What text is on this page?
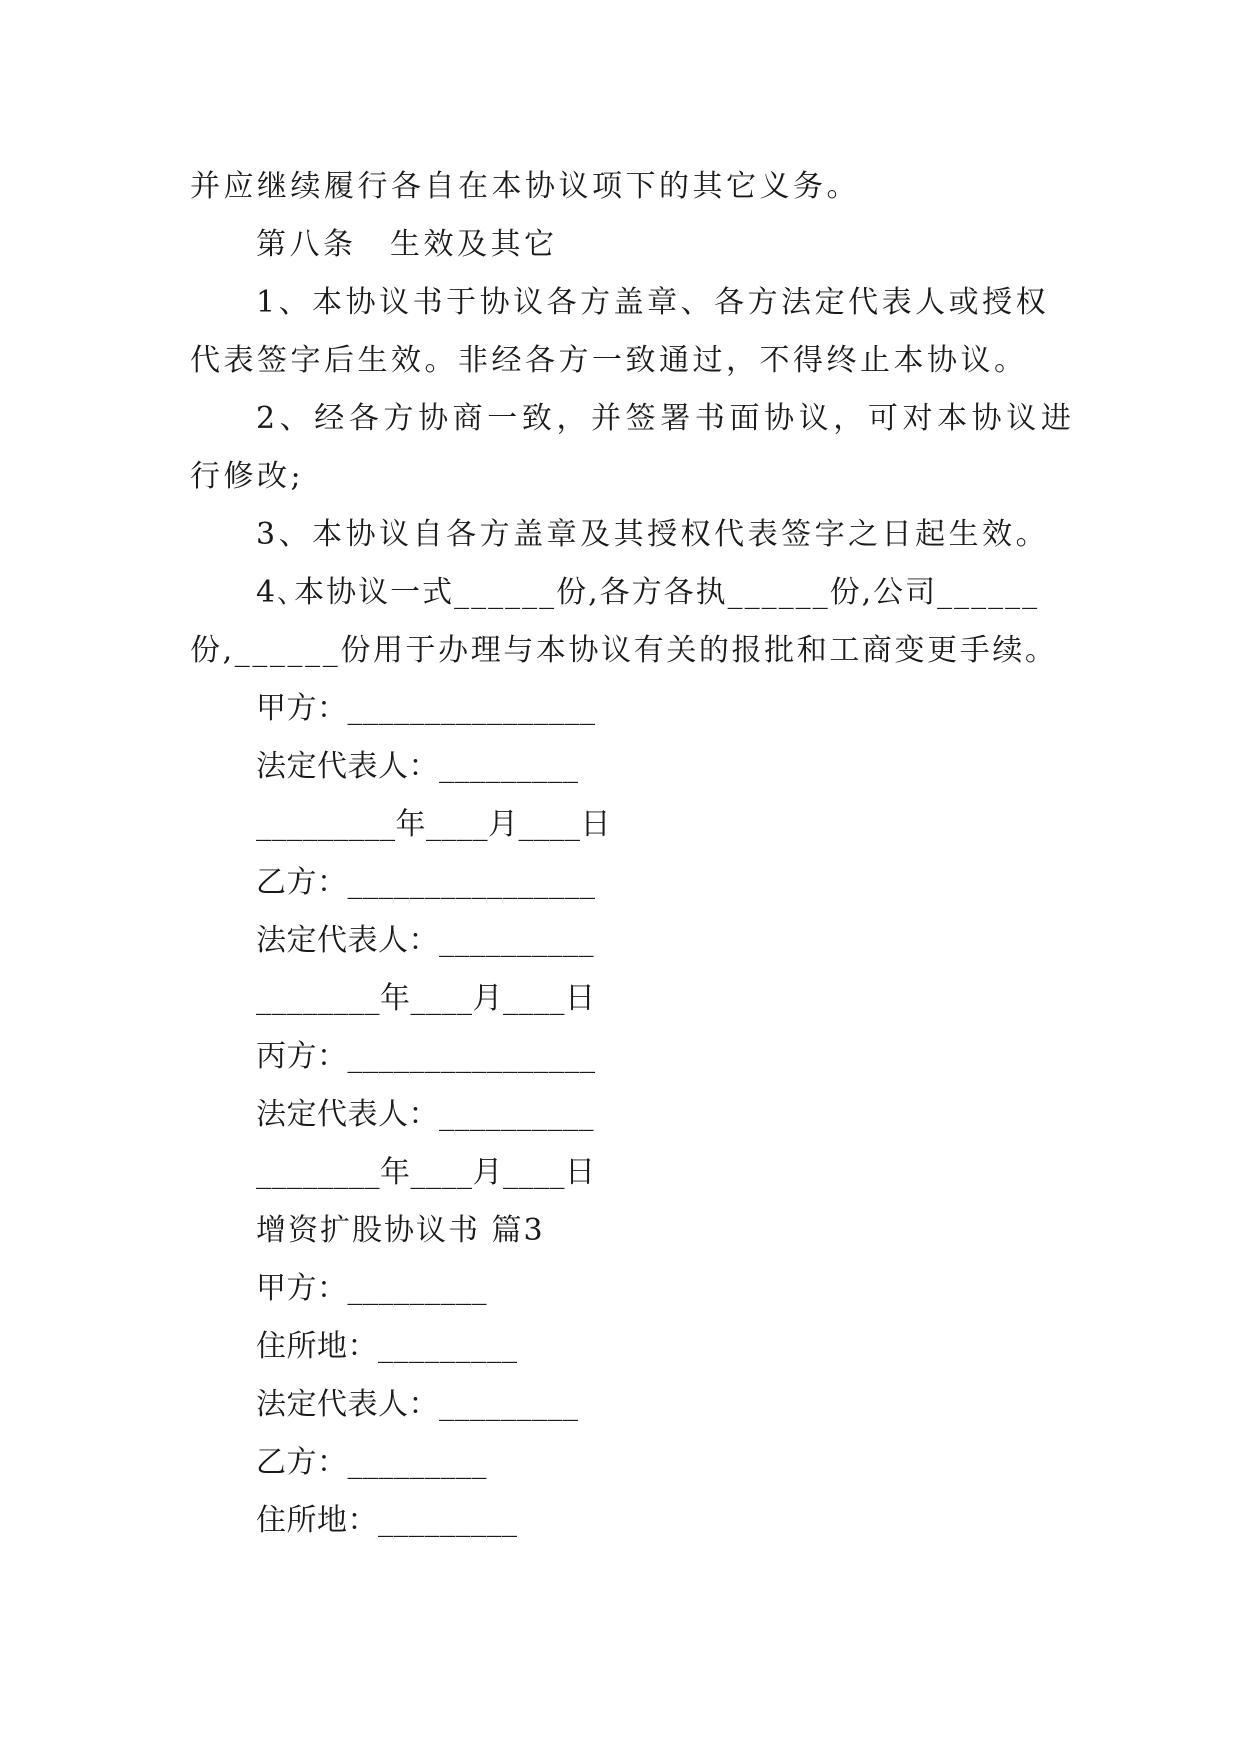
并应继续履行各自在本协议项下的其它义务。
第八条　生效及其它
1、本协议书于协议各方盖章、各方法定代表人或授权
代表签字后生效。非经各方一致通过，不得终止本协议。
2、经各方协商一致，并签署书面协议，可对本协议进
行修改;
3、本协议自各方盖章及其授权代表签字之日起生效。
4､本协议一式______份,各方各执______份,公司______
份,______份用于办理与本协议有关的报批和工商变更手续。
甲方：________________
法定代表人：_________
_________年____月____日
乙方：________________
法定代表人：__________
________年____月____日
丙方：________________
法定代表人：__________
________年____月____日
增资扩股协议书 篇3
甲方：_________
住所地：_________
法定代表人：_________
乙方：_________
住所地：_________
